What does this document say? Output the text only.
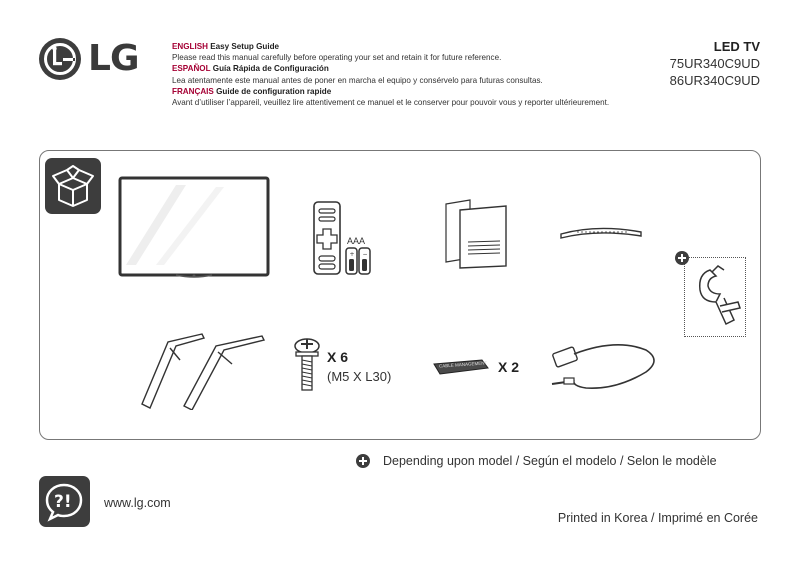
LG	ENGLISH Easy Setup Guide
Please read this manual carefully before operating your set and retain it for future reference.
ESPAÑOL Guía Rápida de Configuración
Lea atentamente este manual antes de poner en marcha el equipo y consérvelo para futuras consultas.
FRANÇAIS Guide de configuration rapide
Avant d’utiliser l’appareil, veuillez lire attentivement ce manuel et le conserver pour pouvoir vous y reporter ultérieurement.
LED TV
75UR340C9UD
86UR340C9UD
AAA
+ −
X 6
(M5 X L30)
CABLE MANAGEMENT X 2
Depending upon model / Según el modelo / Selon le modèle
?!	www.lg.com
Printed in Korea / Imprimé en Corée
